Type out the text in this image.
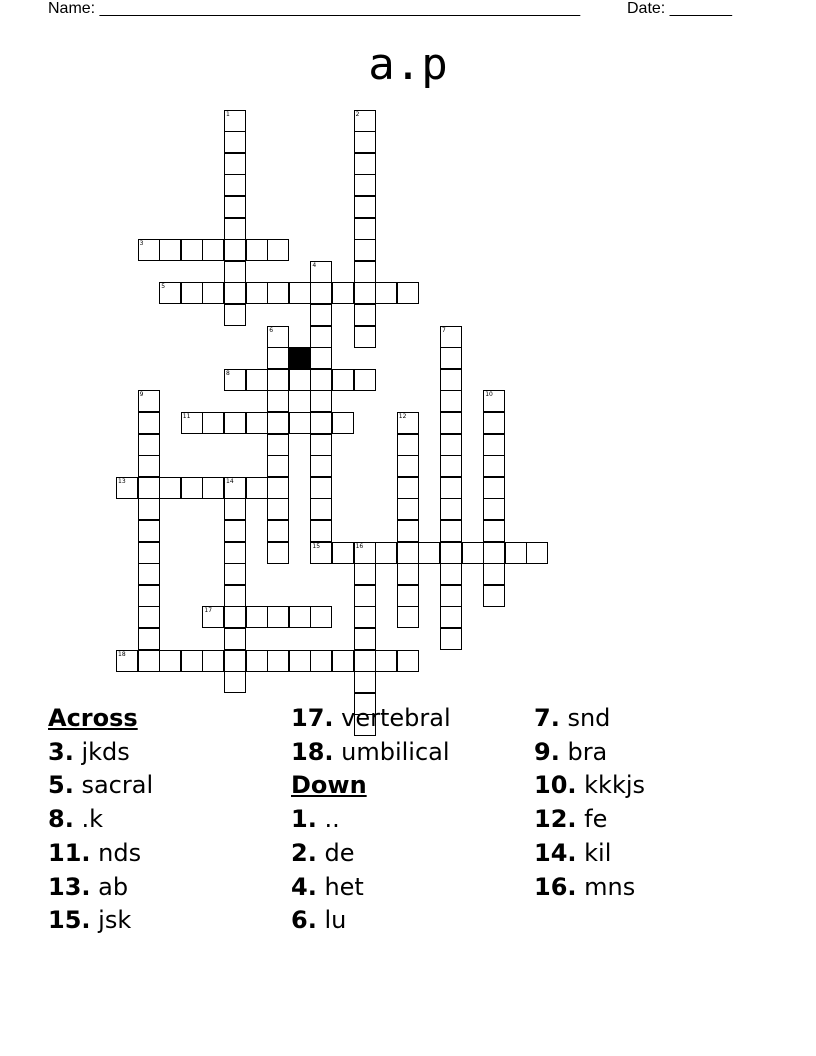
Name: ______________________________________________________

	Date: _______

a.p
1	2
3
4
5
6	7
8
9	10
11	12
13	14
15	16
17
18
Across
3. jkds
5. sacral
8. .k
11. nds
13. ab
15. jsk
17. vertebral
18. umbilical
Down
1. ..
2. de
4. het
6. lu
7. snd
9. bra
10. kkkjs
12. fe
14. kil
16. mns
